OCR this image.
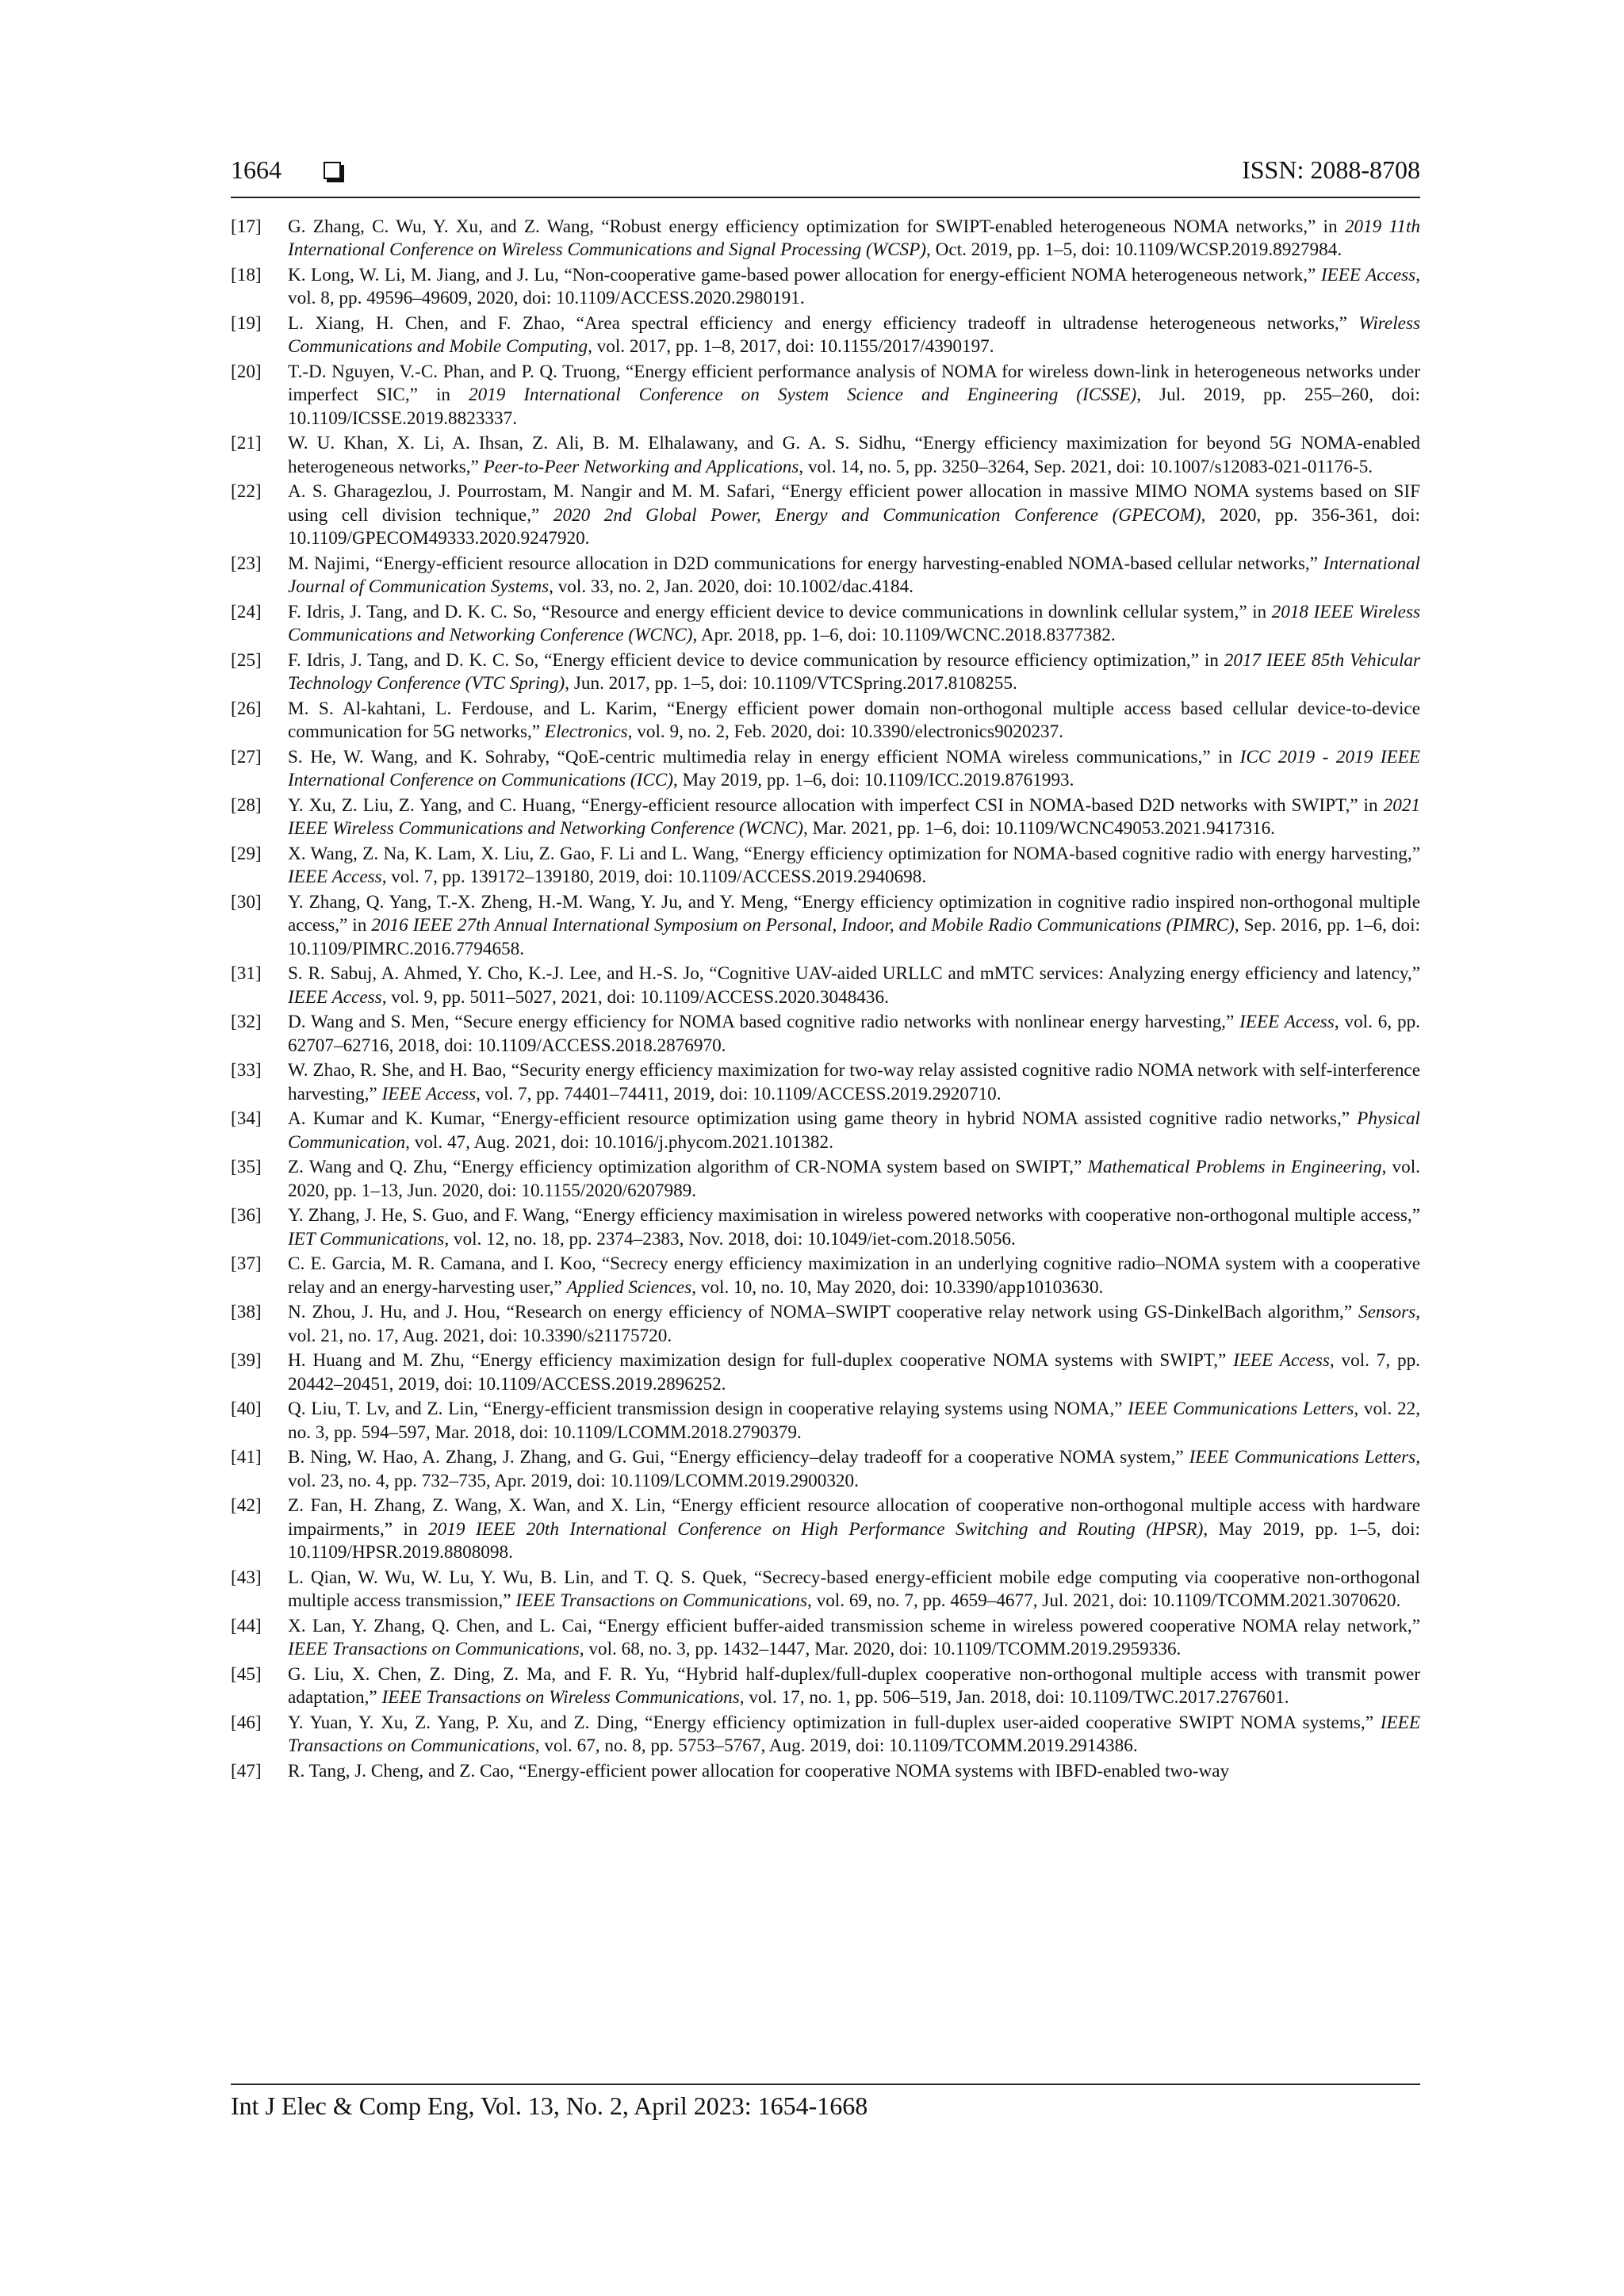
1664	ISSN: 2088-8708
[17]	G. Zhang, C. Wu, Y. Xu, and Z. Wang, “Robust energy efficiency optimization for SWIPT-enabled heterogeneous NOMA networks,” in 2019 11th International Conference on Wireless Communications and Signal Processing (WCSP), Oct. 2019, pp. 1–5, doi: 10.1109/WCSP.2019.8927984.
[18]	K. Long, W. Li, M. Jiang, and J. Lu, “Non-cooperative game-based power allocation for energy-efficient NOMA heterogeneous network,” IEEE Access, vol. 8, pp. 49596–49609, 2020, doi: 10.1109/ACCESS.2020.2980191.
[19]	L. Xiang, H. Chen, and F. Zhao, “Area spectral efficiency and energy efficiency tradeoff in ultradense heterogeneous networks,” Wireless Communications and Mobile Computing, vol. 2017, pp. 1–8, 2017, doi: 10.1155/2017/4390197.
[20]	T.-D. Nguyen, V.-C. Phan, and P. Q. Truong, “Energy efficient performance analysis of NOMA for wireless down-link in heterogeneous networks under imperfect SIC,” in 2019 International Conference on System Science and Engineering (ICSSE), Jul. 2019, pp. 255–260, doi: 10.1109/ICSSE.2019.8823337.
[21]	W. U. Khan, X. Li, A. Ihsan, Z. Ali, B. M. Elhalawany, and G. A. S. Sidhu, “Energy efficiency maximization for beyond 5G NOMA-enabled heterogeneous networks,” Peer-to-Peer Networking and Applications, vol. 14, no. 5, pp. 3250–3264, Sep. 2021, doi: 10.1007/s12083-021-01176-5.
[22]	A. S. Gharagezlou, J. Pourrostam, M. Nangir and M. M. Safari, “Energy efficient power allocation in massive MIMO NOMA systems based on SIF using cell division technique,” 2020 2nd Global Power, Energy and Communication Conference (GPECOM), 2020, pp. 356-361, doi: 10.1109/GPECOM49333.2020.9247920.
[23]	M. Najimi, “Energy-efficient resource allocation in D2D communications for energy harvesting-enabled NOMA-based cellular networks,” International Journal of Communication Systems, vol. 33, no. 2, Jan. 2020, doi: 10.1002/dac.4184.
[24]	F. Idris, J. Tang, and D. K. C. So, “Resource and energy efficient device to device communications in downlink cellular system,” in 2018 IEEE Wireless Communications and Networking Conference (WCNC), Apr. 2018, pp. 1–6, doi: 10.1109/WCNC.2018.8377382.
[25]	F. Idris, J. Tang, and D. K. C. So, “Energy efficient device to device communication by resource efficiency optimization,” in 2017 IEEE 85th Vehicular Technology Conference (VTC Spring), Jun. 2017, pp. 1–5, doi: 10.1109/VTCSpring.2017.8108255.
[26]	M. S. Al-kahtani, L. Ferdouse, and L. Karim, “Energy efficient power domain non-orthogonal multiple access based cellular device-to-device communication for 5G networks,” Electronics, vol. 9, no. 2, Feb. 2020, doi: 10.3390/electronics9020237.
[27]	S. He, W. Wang, and K. Sohraby, “QoE-centric multimedia relay in energy efficient NOMA wireless communications,” in ICC 2019 - 2019 IEEE International Conference on Communications (ICC), May 2019, pp. 1–6, doi: 10.1109/ICC.2019.8761993.
[28]	Y. Xu, Z. Liu, Z. Yang, and C. Huang, “Energy-efficient resource allocation with imperfect CSI in NOMA-based D2D networks with SWIPT,” in 2021 IEEE Wireless Communications and Networking Conference (WCNC), Mar. 2021, pp. 1–6, doi: 10.1109/WCNC49053.2021.9417316.
[29]	X. Wang, Z. Na, K. Lam, X. Liu, Z. Gao, F. Li and L. Wang, “Energy efficiency optimization for NOMA-based cognitive radio with energy harvesting,” IEEE Access, vol. 7, pp. 139172–139180, 2019, doi: 10.1109/ACCESS.2019.2940698.
[30]	Y. Zhang, Q. Yang, T.-X. Zheng, H.-M. Wang, Y. Ju, and Y. Meng, “Energy efficiency optimization in cognitive radio inspired non-orthogonal multiple access,” in 2016 IEEE 27th Annual International Symposium on Personal, Indoor, and Mobile Radio Communications (PIMRC), Sep. 2016, pp. 1–6, doi: 10.1109/PIMRC.2016.7794658.
[31]	S. R. Sabuj, A. Ahmed, Y. Cho, K.-J. Lee, and H.-S. Jo, “Cognitive UAV-aided URLLC and mMTC services: Analyzing energy efficiency and latency,” IEEE Access, vol. 9, pp. 5011–5027, 2021, doi: 10.1109/ACCESS.2020.3048436.
[32]	D. Wang and S. Men, “Secure energy efficiency for NOMA based cognitive radio networks with nonlinear energy harvesting,” IEEE Access, vol. 6, pp. 62707–62716, 2018, doi: 10.1109/ACCESS.2018.2876970.
[33]	W. Zhao, R. She, and H. Bao, “Security energy efficiency maximization for two-way relay assisted cognitive radio NOMA network with self-interference harvesting,” IEEE Access, vol. 7, pp. 74401–74411, 2019, doi: 10.1109/ACCESS.2019.2920710.
[34]	A. Kumar and K. Kumar, “Energy-efficient resource optimization using game theory in hybrid NOMA assisted cognitive radio networks,” Physical Communication, vol. 47, Aug. 2021, doi: 10.1016/j.phycom.2021.101382.
[35]	Z. Wang and Q. Zhu, “Energy efficiency optimization algorithm of CR-NOMA system based on SWIPT,” Mathematical Problems in Engineering, vol. 2020, pp. 1–13, Jun. 2020, doi: 10.1155/2020/6207989.
[36]	Y. Zhang, J. He, S. Guo, and F. Wang, “Energy efficiency maximisation in wireless powered networks with cooperative non-orthogonal multiple access,” IET Communications, vol. 12, no. 18, pp. 2374–2383, Nov. 2018, doi: 10.1049/iet-com.2018.5056.
[37]	C. E. Garcia, M. R. Camana, and I. Koo, “Secrecy energy efficiency maximization in an underlying cognitive radio–NOMA system with a cooperative relay and an energy-harvesting user,” Applied Sciences, vol. 10, no. 10, May 2020, doi: 10.3390/app10103630.
[38]	N. Zhou, J. Hu, and J. Hou, “Research on energy efficiency of NOMA–SWIPT cooperative relay network using GS-DinkelBach algorithm,” Sensors, vol. 21, no. 17, Aug. 2021, doi: 10.3390/s21175720.
[39]	H. Huang and M. Zhu, “Energy efficiency maximization design for full-duplex cooperative NOMA systems with SWIPT,” IEEE Access, vol. 7, pp. 20442–20451, 2019, doi: 10.1109/ACCESS.2019.2896252.
[40]	Q. Liu, T. Lv, and Z. Lin, “Energy-efficient transmission design in cooperative relaying systems using NOMA,” IEEE Communications Letters, vol. 22, no. 3, pp. 594–597, Mar. 2018, doi: 10.1109/LCOMM.2018.2790379.
[41]	B. Ning, W. Hao, A. Zhang, J. Zhang, and G. Gui, “Energy efficiency–delay tradeoff for a cooperative NOMA system,” IEEE Communications Letters, vol. 23, no. 4, pp. 732–735, Apr. 2019, doi: 10.1109/LCOMM.2019.2900320.
[42]	Z. Fan, H. Zhang, Z. Wang, X. Wan, and X. Lin, “Energy efficient resource allocation of cooperative non-orthogonal multiple access with hardware impairments,” in 2019 IEEE 20th International Conference on High Performance Switching and Routing (HPSR), May 2019, pp. 1–5, doi: 10.1109/HPSR.2019.8808098.
[43]	L. Qian, W. Wu, W. Lu, Y. Wu, B. Lin, and T. Q. S. Quek, “Secrecy-based energy-efficient mobile edge computing via cooperative non-orthogonal multiple access transmission,” IEEE Transactions on Communications, vol. 69, no. 7, pp. 4659–4677, Jul. 2021, doi: 10.1109/TCOMM.2021.3070620.
[44]	X. Lan, Y. Zhang, Q. Chen, and L. Cai, “Energy efficient buffer-aided transmission scheme in wireless powered cooperative NOMA relay network,” IEEE Transactions on Communications, vol. 68, no. 3, pp. 1432–1447, Mar. 2020, doi: 10.1109/TCOMM.2019.2959336.
[45]	G. Liu, X. Chen, Z. Ding, Z. Ma, and F. R. Yu, “Hybrid half-duplex/full-duplex cooperative non-orthogonal multiple access with transmit power adaptation,” IEEE Transactions on Wireless Communications, vol. 17, no. 1, pp. 506–519, Jan. 2018, doi: 10.1109/TWC.2017.2767601.
[46]	Y. Yuan, Y. Xu, Z. Yang, P. Xu, and Z. Ding, “Energy efficiency optimization in full-duplex user-aided cooperative SWIPT NOMA systems,” IEEE Transactions on Communications, vol. 67, no. 8, pp. 5753–5767, Aug. 2019, doi: 10.1109/TCOMM.2019.2914386.
[47]	R. Tang, J. Cheng, and Z. Cao, “Energy-efficient power allocation for cooperative NOMA systems with IBFD-enabled two-way
Int J Elec & Comp Eng, Vol. 13, No. 2, April 2023: 1654-1668
